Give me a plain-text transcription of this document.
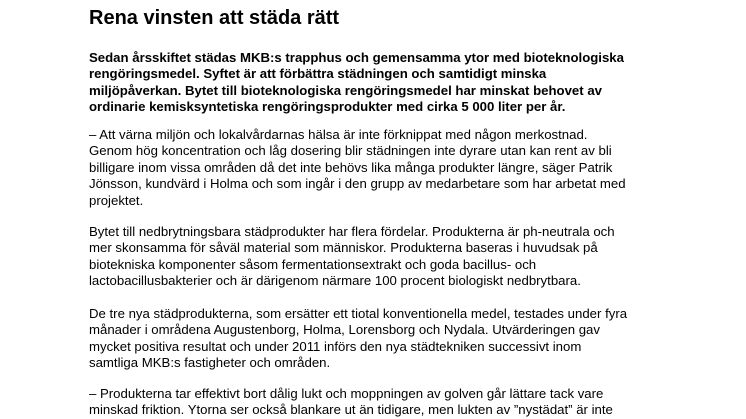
Rena vinsten att städa rätt

Sedan årsskiftet städas MKB:s trapphus och gemensamma ytor med bioteknologiska
rengöringsmedel. Syftet är att förbättra städningen och samtidigt minska
miljöpåverkan. Bytet till bioteknologiska rengöringsmedel har minskat behovet av
ordinarie kemisksyntetiska rengöringsprodukter med cirka 5 000 liter per år.

– Att värna miljön och lokalvårdarnas hälsa är inte förknippat med någon merkostnad.
Genom hög koncentration och låg dosering blir städningen inte dyrare utan kan rent av bli
billigare inom vissa områden då det inte behövs lika många produkter längre, säger Patrik
Jönsson, kundvärd i Holma och som ingår i den grupp av medarbetare som har arbetat med
projektet.

Bytet till nedbrytningsbara städprodukter har flera fördelar. Produkterna är ph-neutrala och
mer skonsamma för såväl material som människor. Produkterna baseras i huvudsak på
biotekniska komponenter såsom fermentationsextrakt och goda bacillus- och
lactobacillusbakterier och är därigenom närmare 100 procent biologiskt nedbrytbara.

De tre nya städprodukterna, som ersätter ett tiotal konventionella medel, testades under fyra
månader i områdena Augustenborg, Holma, Lorensborg och Nydala. Utvärderingen gav
mycket positiva resultat och under 2011 införs den nya städtekniken successivt inom
samtliga MKB:s fastigheter och områden.

– Produkterna tar effektivt bort dålig lukt och moppningen av golven går lättare tack vare
minskad friktion. Ytorna ser också blankare ut än tidigare, men lukten av ”nystädat” är inte
